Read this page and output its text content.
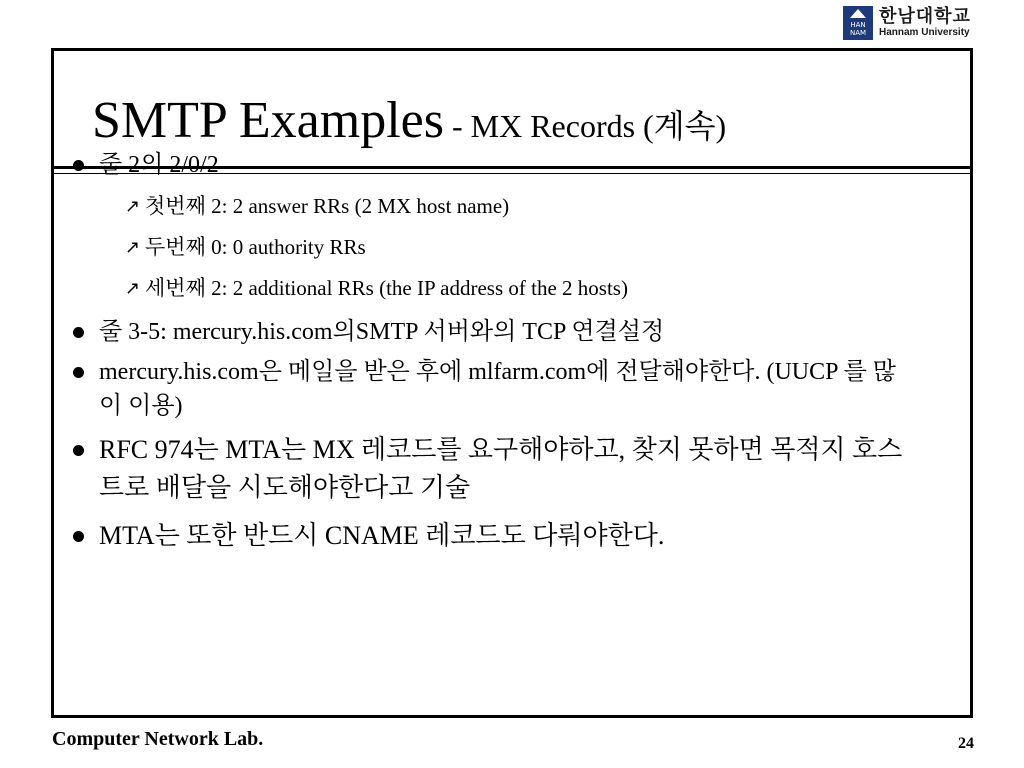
HAN
NAM
한남대학교
Hannam University
SMTP Examples - MX Records (계속)
줄 2의 2/0/2
↗ 첫번째 2: 2 answer RRs (2 MX host name)
↗ 두번째 0: 0 authority RRs
↗ 세번째 2: 2 additional RRs (the IP address of the 2 hosts)
줄 3-5: mercury.his.com의SMTP 서버와의 TCP 연결설정
mercury.his.com은 메일을 받은 후에 mlfarm.com에 전달해야한다. (UUCP 를 많이 이용)
RFC 974는 MTA는 MX 레코드를 요구해야하고, 찾지 못하면 목적지 호스트로 배달을 시도해야한다고 기술
MTA는 또한 반드시 CNAME 레코드도 다뤄야한다.
Computer Network Lab.	24
